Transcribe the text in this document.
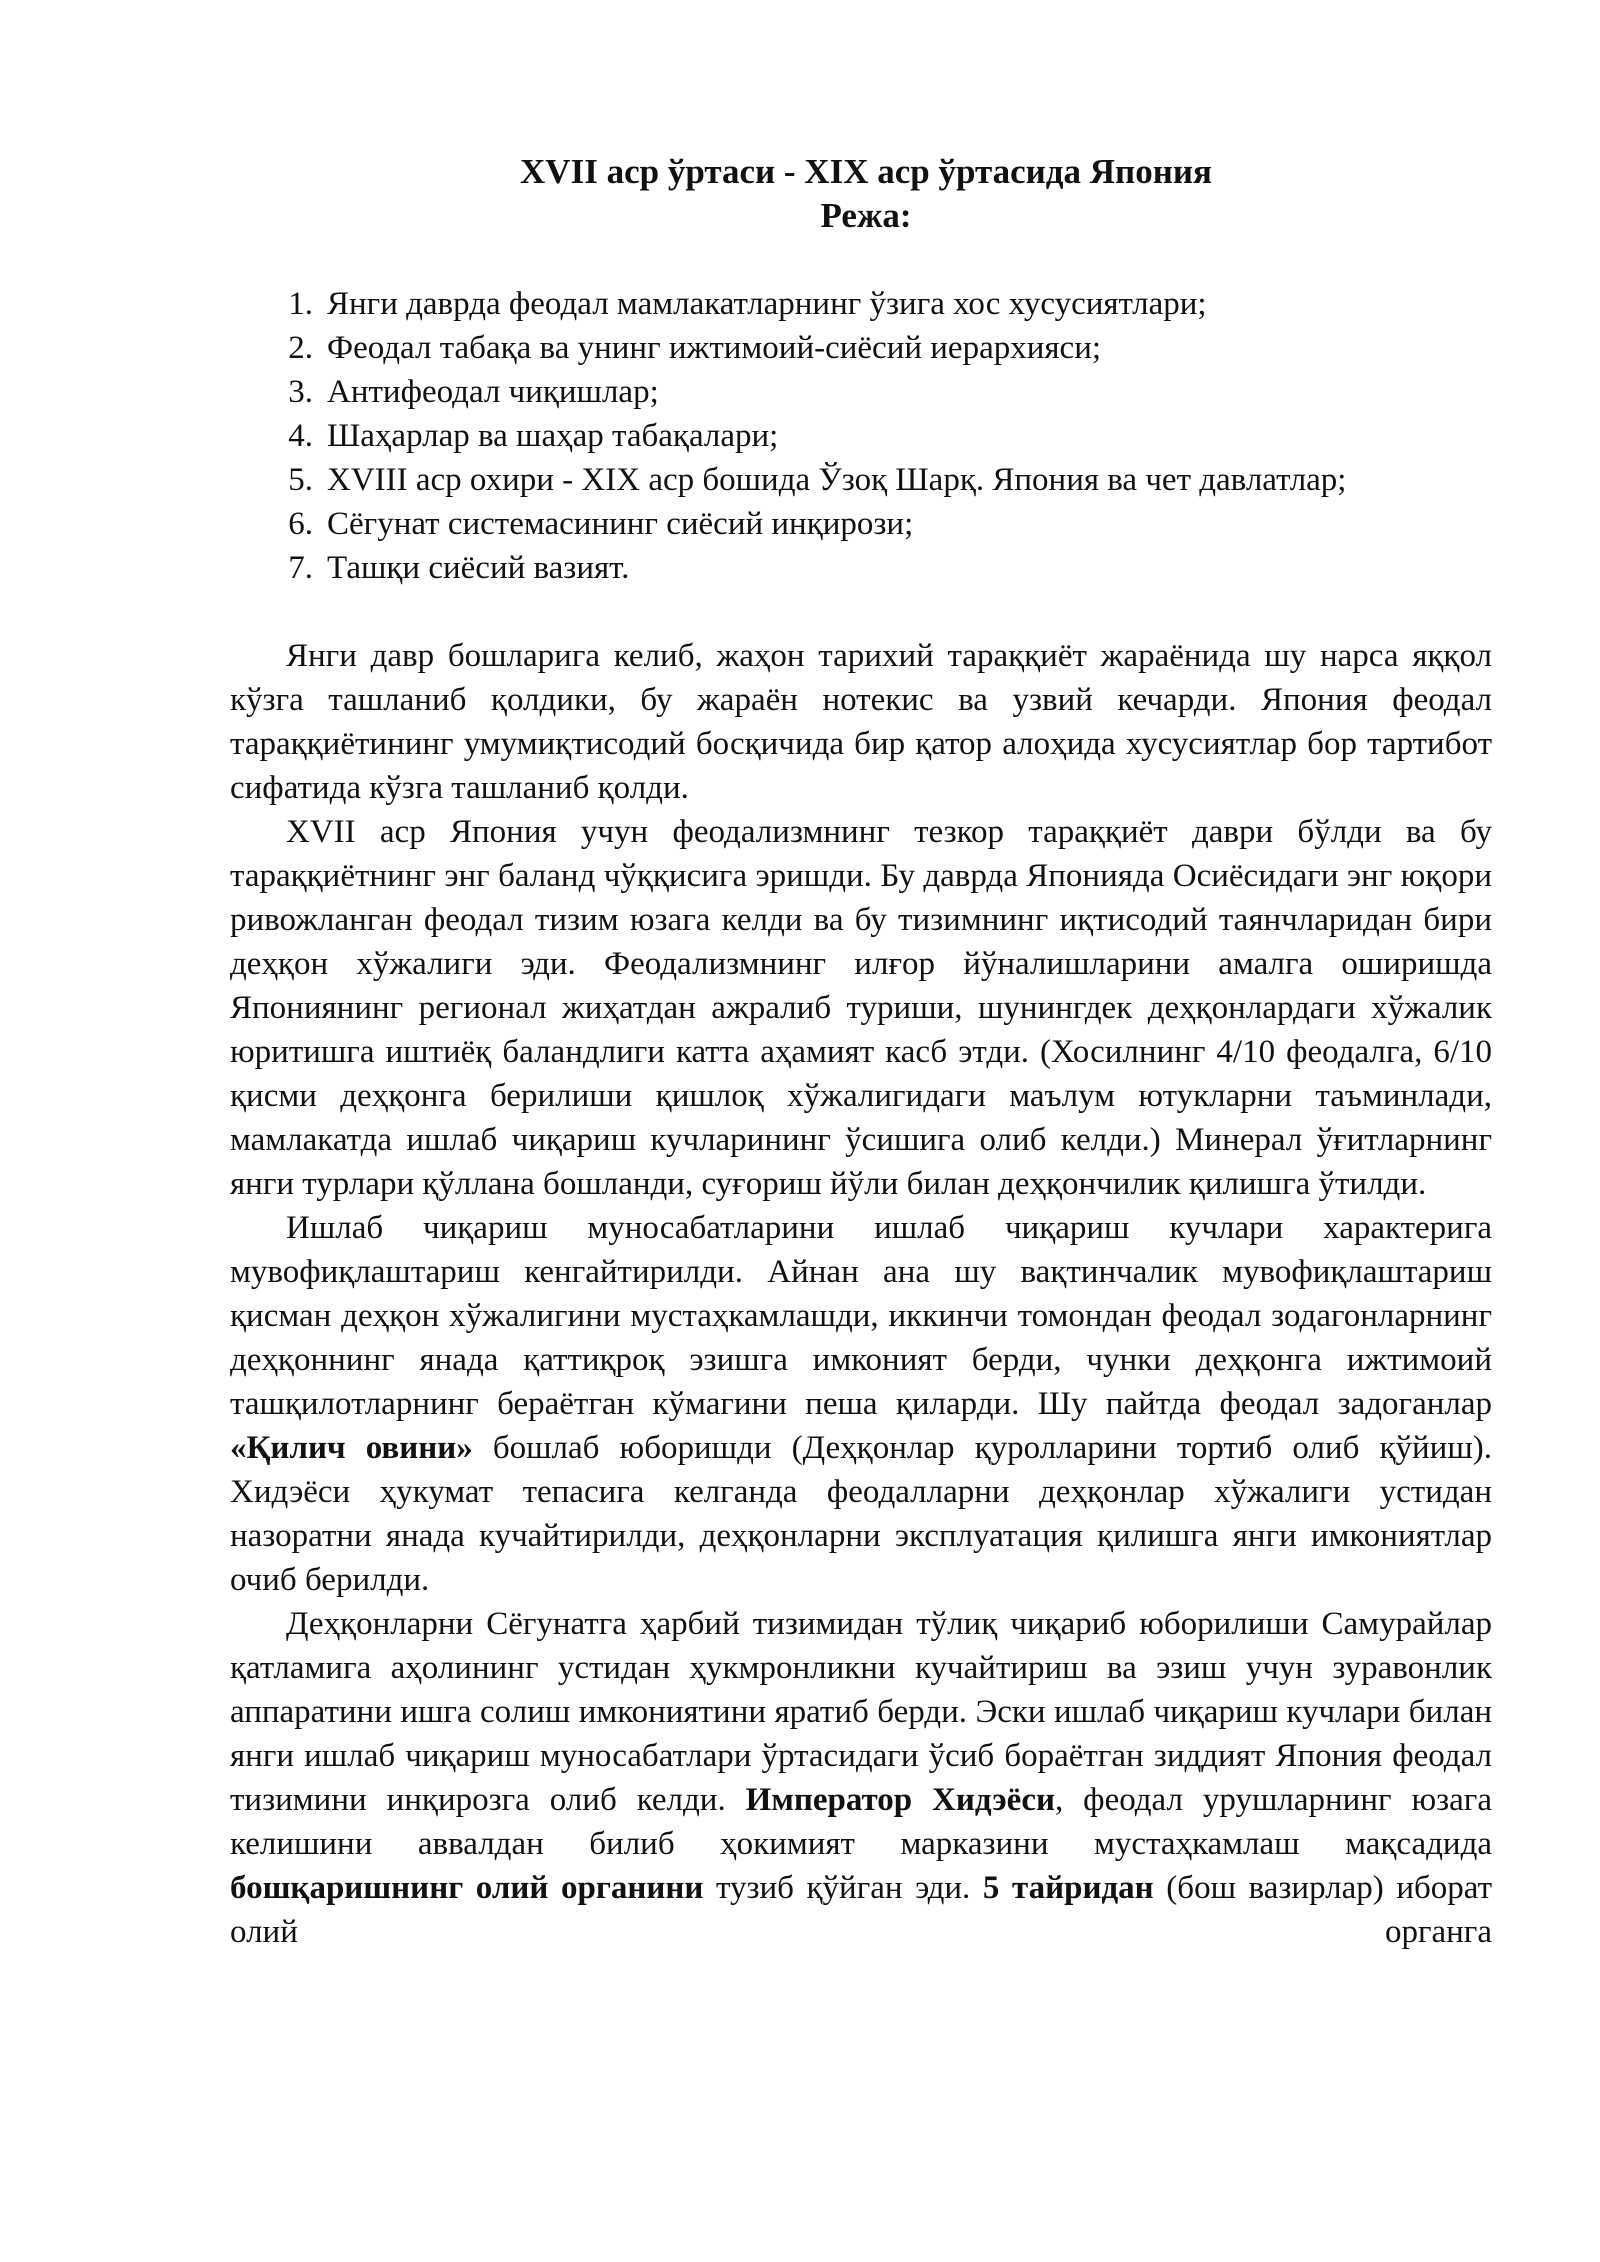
XVII аср ўртаси - XIX аср ўртасида Япония
Режа:
1. Янги даврда феодал мамлакатларнинг ўзига хос хусусиятлари;
2. Феодал табақа ва унинг ижтимоий-сиёсий иерархияси;
3. Антифеодал чиқишлар;
4. Шаҳарлар ва шаҳар табақалари;
5. XVIII аср охири - XIX аср бошида Ўзоқ Шарқ. Япония ва чет давлатлар;
6. Сёгунат системасининг сиёсий инқирози;
7. Ташқи сиёсий вазият.

Янги давр бошларига келиб, жаҳон тарихий тараққиёт жараёнида шу нарса яққол кўзга ташланиб қолдики, бу жараён нотекис ва узвий кечарди. Япония феодал тараққиётининг умумиқтисодий босқичида бир қатор алоҳида хусусиятлар бор тартибот сифатида кўзга ташланиб қолди.

XVII аср Япония учун феодализмнинг тезкор тараққиёт даври бўлди ва бу тараққиётнинг энг баланд чўққисига эришди. Бу даврда Японияда Осиёсидаги энг юқори ривожланган феодал тизим юзага келди ва бу тизимнинг иқтисодий таянчларидан бири деҳқон хўжалиги эди. Феодализмнинг илғор йўналишларини амалга оширишда Япониянинг регионал жиҳатдан ажралиб туриши, шунингдек деҳқонлардаги хўжалик юритишга иштиёқ баландлиги катта аҳамият касб этди. (Хосилнинг 4/10 феодалга, 6/10 қисми деҳқонга берилиши қишлоқ хўжалигидаги маълум ютукларни таъминлади, мамлакатда ишлаб чиқариш кучларининг ўсишига олиб келди.) Минерал ўғитларнинг янги турлари қўллана бошланди, суғориш йўли билан деҳқончилик қилишга ўтилди.

Ишлаб чиқариш муносабатларини ишлаб чиқариш кучлари характерига мувофиқлаштариш кенгайтирилди. Айнан ана шу вақтинчалик мувофиқлаштариш қисман деҳқон хўжалигини мустаҳкамлашди, иккинчи томондан феодал зодагонларнинг деҳқоннинг янада қаттиқроқ эзишга имконият берди, чунки деҳқонга ижтимоий ташқилотларнинг бераётган кўмагини пеша қиларди. Шу пайтда феодал задоганлар «Қилич овини» бошлаб юборишди (Деҳқонлар қуролларини тортиб олиб қўйиш). Хидэёси ҳукумат тепасига келганда феодалларни деҳқонлар хўжалиги устидан назоратни янада кучайтирилди, деҳқонларни эксплуатация қилишга янги имкониятлар очиб берилди.

Деҳқонларни Сёгунатга ҳарбий тизимидан тўлиқ чиқариб юборилиши Самурайлар қатламига аҳолининг устидан ҳукмронликни кучайтириш ва эзиш учун зуравонлик аппаратини ишга солиш имкониятини яратиб берди. Эски ишлаб чиқариш кучлари билан янги ишлаб чиқариш муносабатлари ўртасидаги ўсиб бораётган зиддият Япония феодал тизимини инқирозга олиб келди. Император Хидэёси, феодал урушларнинг юзага келишини аввалдан билиб ҳокимият марказини мустаҳкамлаш мақсадида бошқаришнинг олий органини тузиб қўйган эди. 5 тайридан (бош вазирлар) иборат олий органга
